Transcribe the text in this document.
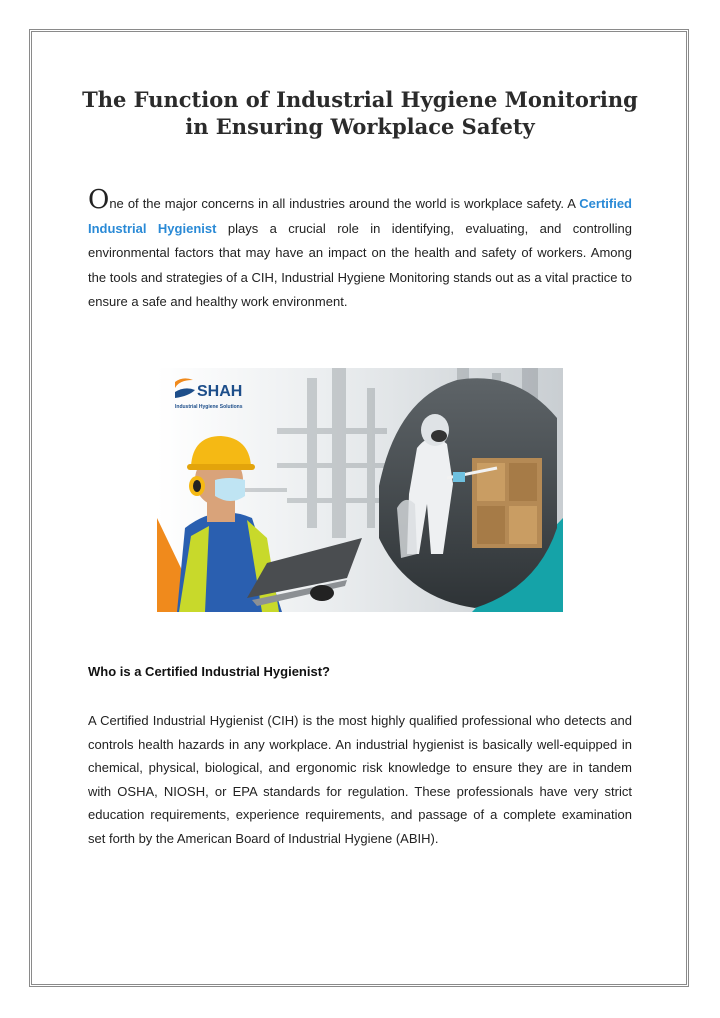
The Function of Industrial Hygiene Monitoring
in Ensuring Workplace Safety

One of the major concerns in all industries around the world is workplace safety. A Certified Industrial Hygienist plays a crucial role in identifying, evaluating, and controlling environmental factors that may have an impact on the health and safety of workers. Among the tools and strategies of a CIH, Industrial Hygiene Monitoring stands out as a vital practice to ensure a safe and healthy work environment.

SHAH
Industrial Hygiene Solutions

Who is a Certified Industrial Hygienist?

A Certified Industrial Hygienist (CIH) is the most highly qualified professional who detects and controls health hazards in any workplace. An industrial hygienist is basically well-equipped in chemical, physical, biological, and ergonomic risk knowledge to ensure they are in tandem with OSHA, NIOSH, or EPA standards for regulation. These professionals have very strict education requirements, experience requirements, and passage of a complete examination set forth by the American Board of Industrial Hygiene (ABIH).
